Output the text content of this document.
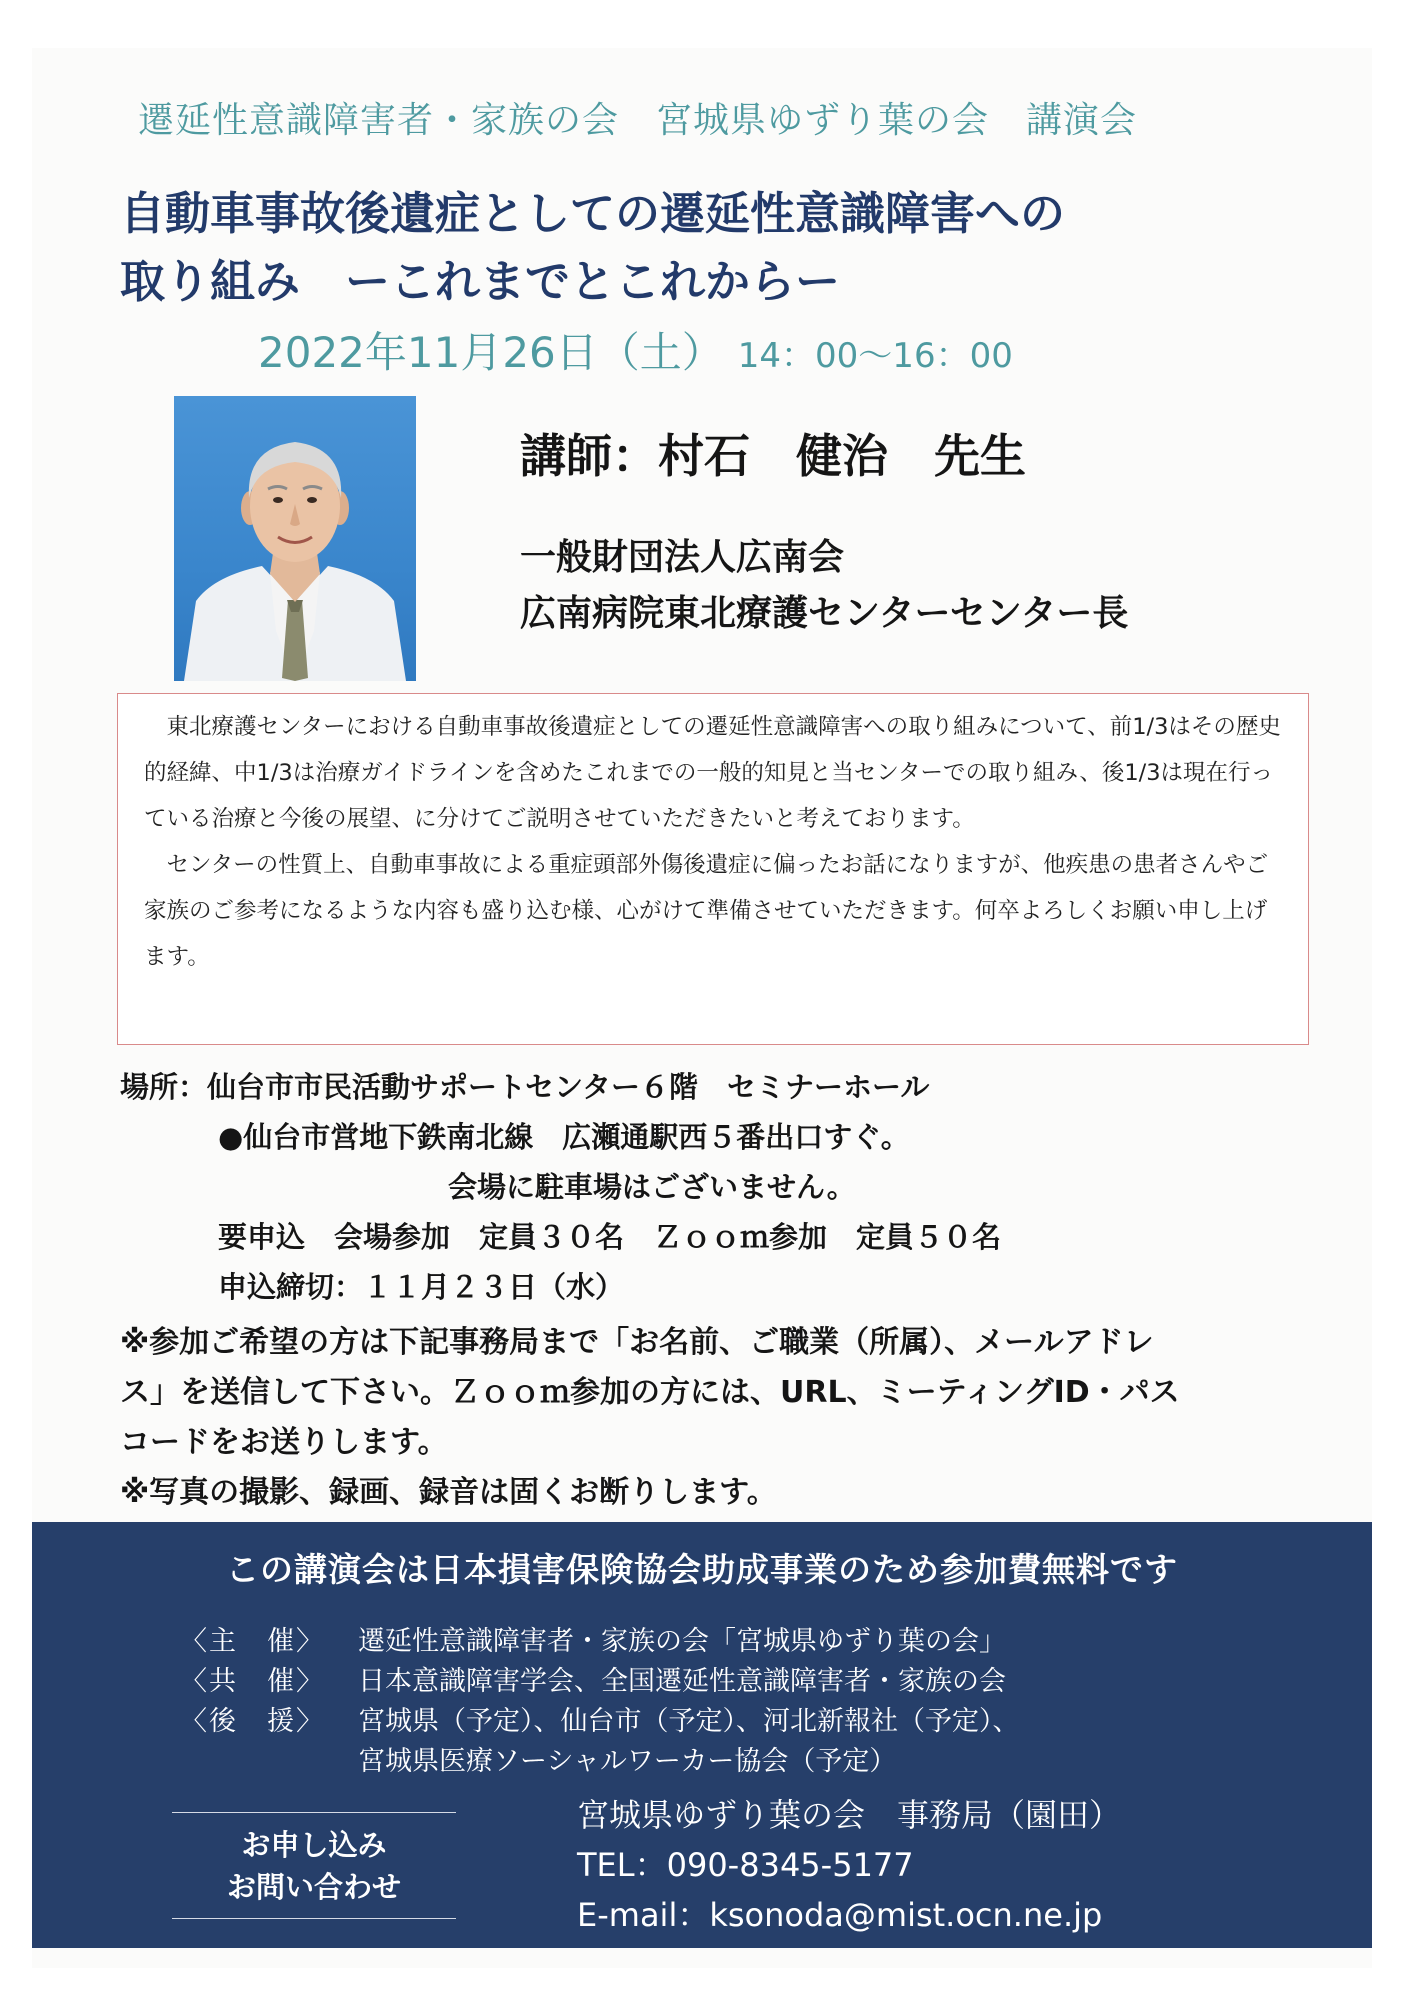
遷延性意識障害者・家族の会　宮城県ゆずり葉の会　講演会
自動車事故後遺症としての遷延性意識障害への
取り組み　ーこれまでとこれからー
2022年11月26日（土） 14：00～16：00
講師：村石　健治　先生
一般財団法人広南会
広南病院東北療護センターセンター長

東北療護センターにおける自動車事故後遺症としての遷延性意識障害への取り組みについて、前1/3はその歴史的経緯、中1/3は治療ガイドラインを含めたこれまでの一般的知見と当センターでの取り組み、後1/3は現在行っている治療と今後の展望、に分けてご説明させていただきたいと考えております。

センターの性質上、自動車事故による重症頭部外傷後遺症に偏ったお話になりますが、他疾患の患者さんやご家族のご参考になるような内容も盛り込む様、心がけて準備させていただきます。何卒よろしくお願い申し上げます。

場所：仙台市市民活動サポートセンター６階　セミナーホール
●仙台市営地下鉄南北線　広瀬通駅西５番出口すぐ。
会場に駐車場はございません。
要申込　会場参加　定員３０名　Ｚｏｏｍ参加　定員５０名
申込締切：１１月２３日（水）
※参加ご希望の方は下記事務局まで「お名前、ご職業（所属）、メールアドレ
ス」を送信して下さい。Ｚｏｏｍ参加の方には、URL、ミーティングID・パス
コードをお送りします。
※写真の撮影、録画、録音は固くお断りします。
この講演会は日本損害保険協会助成事業のため参加費無料です
〈主　催〉	遷延性意識障害者・家族の会「宮城県ゆずり葉の会」
〈共　催〉	日本意識障害学会、全国遷延性意識障害者・家族の会
〈後　援〉	宮城県（予定）、仙台市（予定）、河北新報社（予定）、
宮城県医療ソーシャルワーカー協会（予定）
お申し込み
お問い合わせ
宮城県ゆずり葉の会　事務局（園田）
TEL：090-8345-5177
E-mail：ksonoda@mist.ocn.ne.jp
